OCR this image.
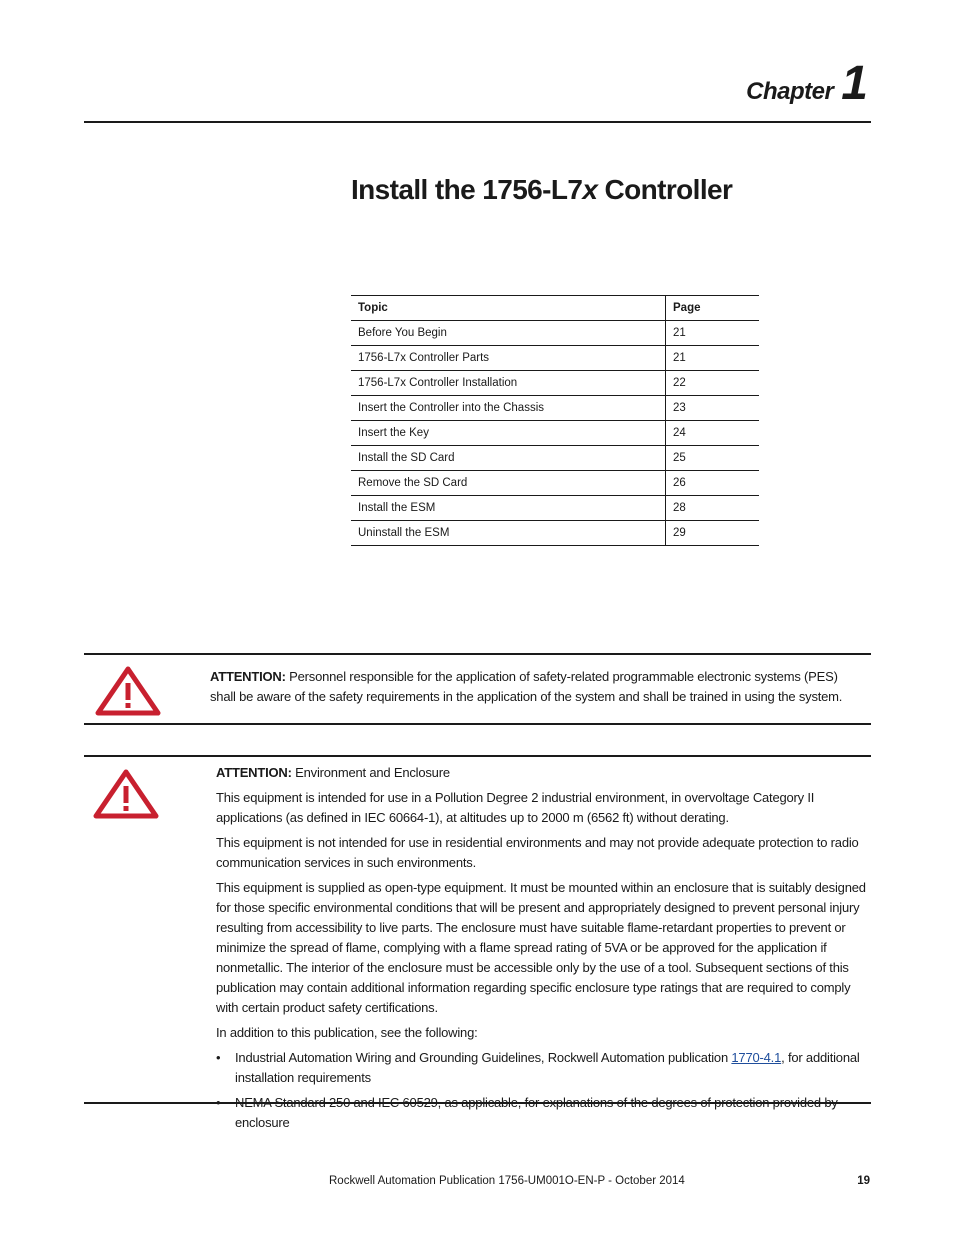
Chapter 1
Install the 1756-L7x Controller
Topic	Page
Before You Begin	21
1756-L7x Controller Parts	21
1756-L7x Controller Installation	22
Insert the Controller into the Chassis	23
Insert the Key	24
Install the SD Card	25
Remove the SD Card	26
Install the ESM	28
Uninstall the ESM	29
ATTENTION: Personnel responsible for the application of safety-related programmable electronic systems (PES) shall be aware of the safety requirements in the application of the system and shall be trained in using the system.

ATTENTION: Environment and Enclosure

This equipment is intended for use in a Pollution Degree 2 industrial environment, in overvoltage Category II applications (as defined in IEC 60664-1), at altitudes up to 2000 m (6562 ft) without derating.

This equipment is not intended for use in residential environments and may not provide adequate protection to radio communication services in such environments.

This equipment is supplied as open-type equipment. It must be mounted within an enclosure that is suitably designed for those specific environmental conditions that will be present and appropriately designed to prevent personal injury resulting from accessibility to live parts. The enclosure must have suitable flame-retardant properties to prevent or minimize the spread of flame, complying with a flame spread rating of 5VA or be approved for the application if nonmetallic. The interior of the enclosure must be accessible only by the use of a tool. Subsequent sections of this publication may contain additional information regarding specific enclosure type ratings that are required to comply with certain product safety certifications.

In addition to this publication, see the following:

• Industrial Automation Wiring and Grounding Guidelines, Rockwell Automation publication 1770-4.1, for additional installation requirements
• NEMA Standard 250 and IEC 60529, as applicable, for explanations of the degrees of protection provided by enclosure
Rockwell Automation Publication 1756-UM001O-EN-P - October 2014	19
